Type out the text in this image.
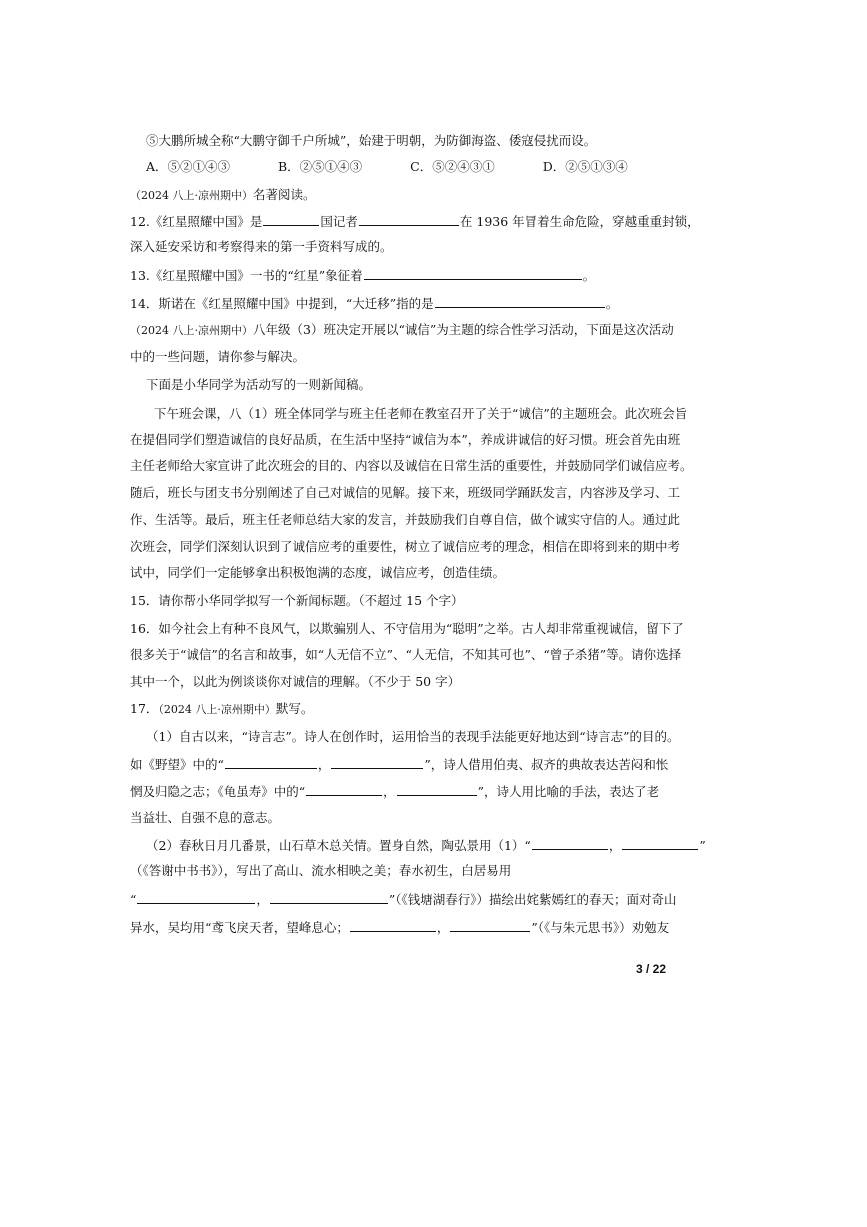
⑤大鹏所城全称“大鹏守御千户所城”，始建于明朝，为防御海盗、倭寇侵扰而设。
A．⑤②①④③	B．②⑤①④③	C．⑤②④③①	D．②⑤①③④
（2024 八上·凉州期中）名著阅读。
12.《红星照耀中国》是	国记者	在 1936 年冒着生命危险，穿越重重封锁，
深入延安采访和考察得来的第一手资料写成的。
13.《红星照耀中国》一书的“红星”象征着	。
14．斯诺在《红星照耀中国》中提到，“大迁移”指的是	。
（2024 八上·凉州期中）八年级（3）班决定开展以“诚信”为主题的综合性学习活动，下面是这次活动
中的一些问题，请你参与解决。
下面是小华同学为活动写的一则新闻稿。
下午班会课，八（1）班全体同学与班主任老师在教室召开了关于“诚信”的主题班会。此次班会旨
在提倡同学们塑造诚信的良好品质，在生活中坚持“诚信为本”，养成讲诚信的好习惯。班会首先由班
主任老师给大家宣讲了此次班会的目的、内容以及诚信在日常生活的重要性，并鼓励同学们诚信应考。
随后，班长与团支书分别阐述了自己对诚信的见解。接下来，班级同学踊跃发言，内容涉及学习、工
作、生活等。最后，班主任老师总结大家的发言，并鼓励我们自尊自信，做个诚实守信的人。通过此
次班会，同学们深刻认识到了诚信应考的重要性，树立了诚信应考的理念，相信在即将到来的期中考
试中，同学们一定能够拿出积极饱满的态度，诚信应考，创造佳绩。
15．请你帮小华同学拟写一个新闻标题。（不超过 15 个字）
16．如今社会上有种不良风气，以欺骗别人、不守信用为“聪明”之举。古人却非常重视诚信，留下了
很多关于“诚信”的名言和故事，如“人无信不立”、“人无信，不知其可也”、“曾子杀猪”等。请你选择
其中一个，以此为例谈谈你对诚信的理解。（不少于 50 字）
17．（2024 八上·凉州期中）默写。
（1）自古以来，“诗言志”。诗人在创作时，运用恰当的表现手法能更好地达到“诗言志”的目的。
如《野望》中的“	，	”，诗人借用伯夷、叔齐的典故表达苦闷和怅
惘及归隐之志；《龟虽寿》中的“	，	”，诗人用比喻的手法，表达了老
当益壮、自强不息的意志。
（2）春秋日月几番景，山石草木总关情。置身自然，陶弘景用（1）“	，	”
（《答谢中书书》），写出了高山、流水相映之美；春水初生，白居易用
“	，	”（《钱塘湖春行》）描绘出姹紫嫣红的春天；面对奇山
异水，吴均用“鸢飞戾天者，望峰息心；	，	”（《与朱元思书》）劝勉友
3 / 22
